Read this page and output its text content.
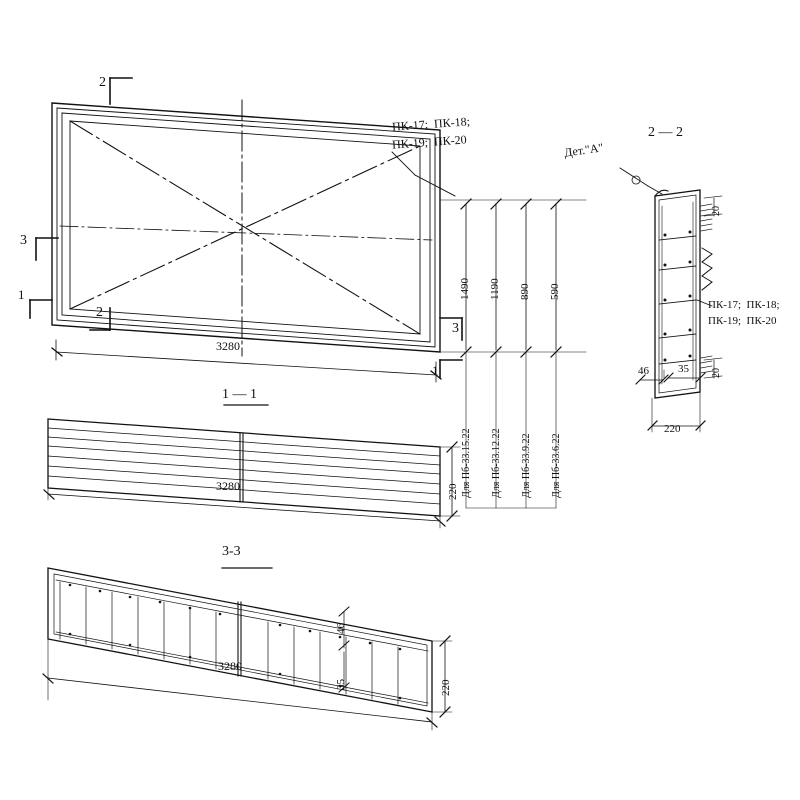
2
2
3
3
1
1
ПК-17;  ПК-18;
ПК-19;  ПК-20
3280
1490 1190 890 590
Для Пб-33.15.22 Для Пб-33.12.22 Для Пб-33.9.22 Для Пб-33.6.22
2 — 2
Дет."А"
ПК-17;  ПК-18;
ПК-19;  ПК-20
46	35
220
20
20
1 — 1
3280	220
3-3
3280
220
46
35
